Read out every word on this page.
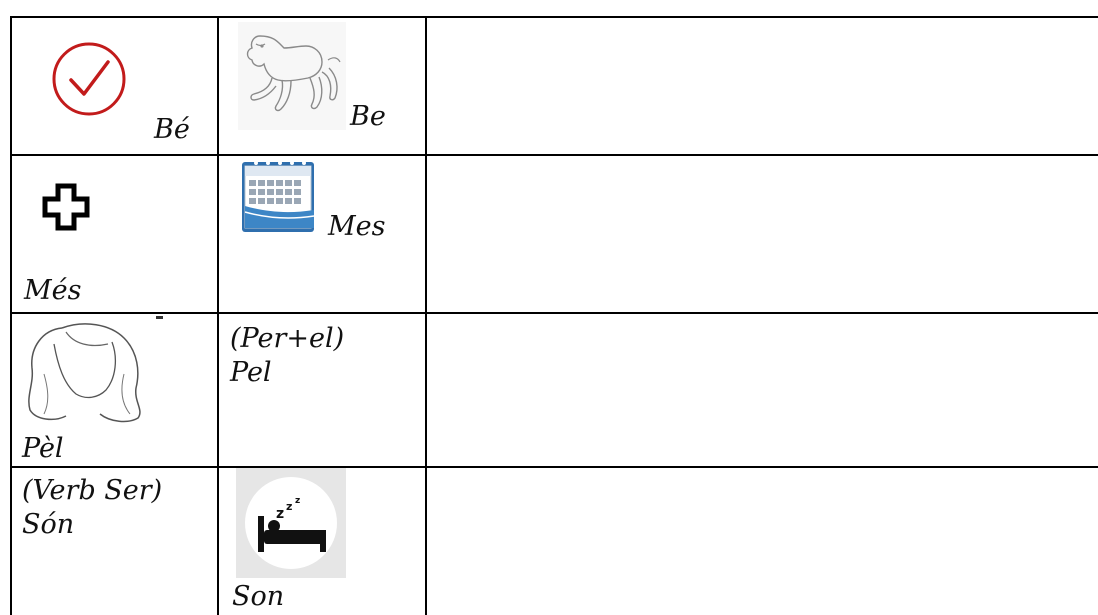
Bé	Be
Més
Mes
Pèl
(Per+el)
Pel
(Verb Ser)
Són	z z z
Son
